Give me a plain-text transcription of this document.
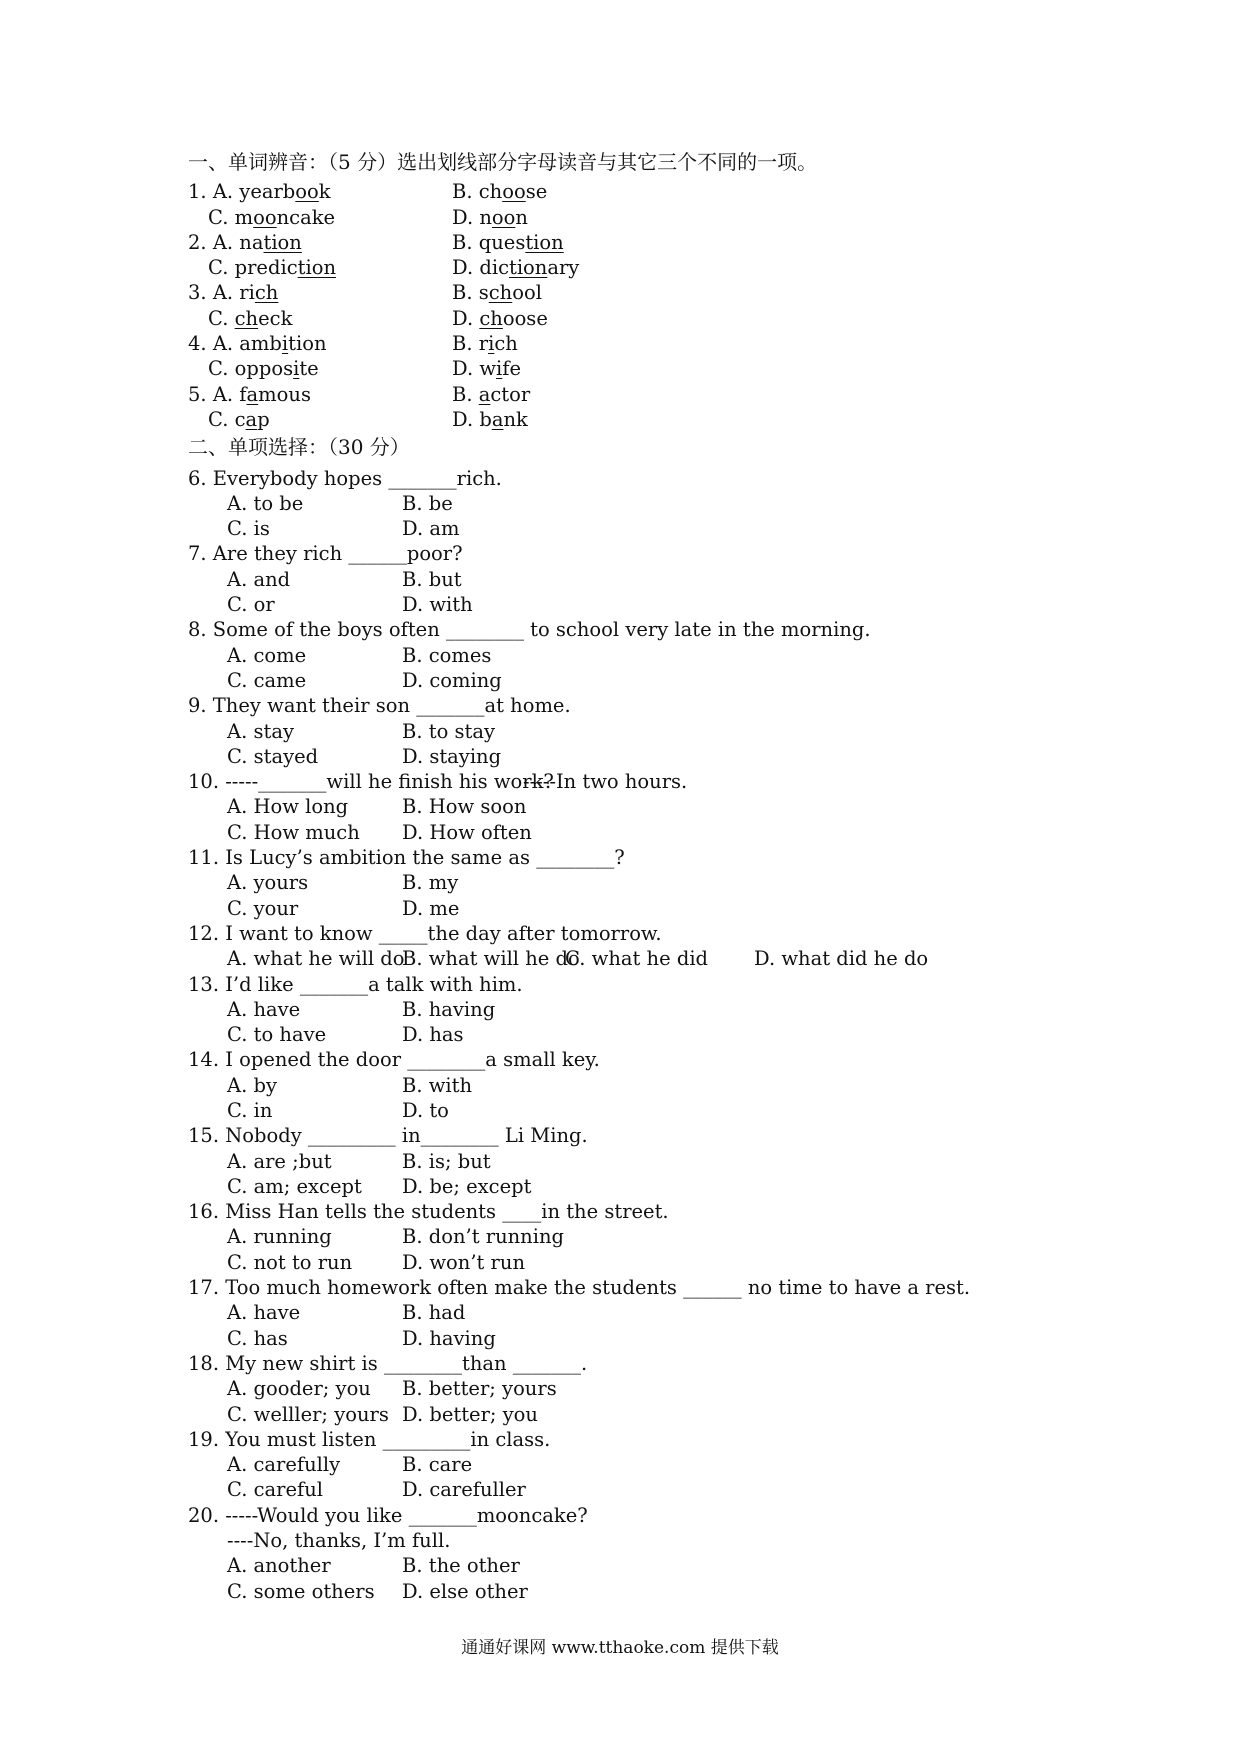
一、单词辨音：（5 分）选出划线部分字母读音与其它三个不同的一项。
1. A. yearbook	B. choose
C. mooncake	D. noon
2. A. nation	B. question
C. prediction	D. dictionary
3. A. rich	B. school
C. check	D. choose
4. A. ambition	B. rich
C. opposite	D. wife
5. A. famous	B. actor
C. cap	D. bank
二、单项选择：（30 分）
6. Everybody hopes _______rich.
A. to be	B. be
C. is	D. am
7. Are they rich ______poor?
A. and	B. but
C. or	D. with
8. Some of the boys often ________ to school very late in the morning.
A. come	B. comes
C. came	D. coming
9. They want their son _______at home.
A. stay	B. to stay
C. stayed	D. staying
10. -----_______will he finish his work?
-----In two hours.
A. How long	B. How soon
C. How much D. How often
11. Is Lucy’s ambition the same as ________?
A. yours	B. my
C. your	D. me
12. I want to know _____the day after tomorrow.
A. what he will do
B. what will he do
C. what he did D. what did he do
13. I’d like _______a talk with him.
A. have	B. having
C. to have	D. has
14. I opened the door ________a small key.
A. by	B. with
C. in	D. to
15. Nobody _________ in________ Li Ming.
A. are ;but	B. is; but
C. am; except D. be; except
16. Miss Han tells the students ____in the street.
A. running	B. don’t running
C. not to run	D. won’t run
17. Too much homework often make the students ______ no time to have a rest.
A. have	B. had
C. has	D. having
18. My new shirt is ________than _______.
A. gooder; you B. better; yours
C. welller; yours D. better; you
19. You must listen _________in class.
A. carefully	B. care
C. careful	D. carefuller
20. -----Would you like _______mooncake?
----No, thanks, I’m full.
A. another	B. the other
C. some others D. else other
通通好课网 www.tthaoke.com 提供下载
